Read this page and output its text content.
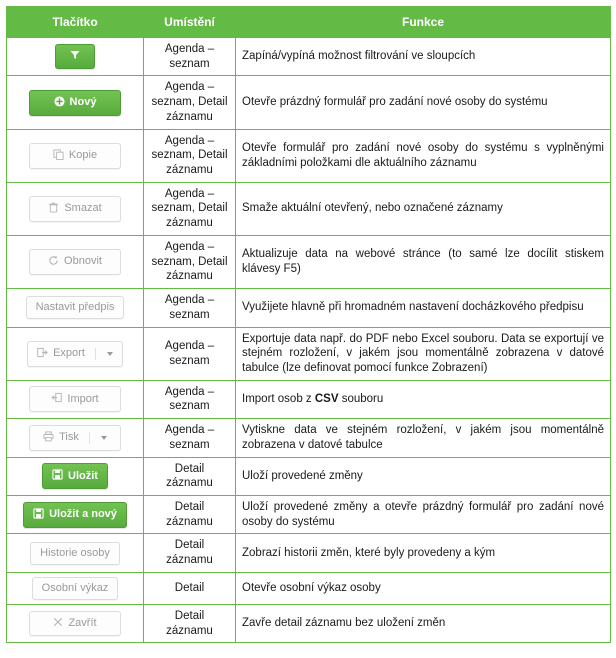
Tlačítko	Umístění	Funkce

	Agenda – seznam	Zapíná/vypíná možnost filtrování ve sloupcích

Nový	Agenda – seznam, Detail záznamu	Otevře prázdný formulář pro zadání nové osoby do systému

Kopie	Agenda – seznam, Detail záznamu	Otevře formulář pro zadání nové osoby do systému s vyplněnými základními položkami dle aktuálního záznamu

Smazat	Agenda – seznam, Detail záznamu	Smaže aktuální otevřený, nebo označené záznamy

Obnovit	Agenda – seznam, Detail záznamu	Aktualizuje data na webové stránce (to samé lze docílit stiskem klávesy F5)

Nastavit předpis	Agenda – seznam	Využijete hlavně při hromadném nastavení docházkového předpisu

Export	Agenda – seznam	Exportuje data např. do PDF nebo Excel souboru. Data se exportují ve stejném rozložení, v jakém jsou momentálně zobrazena v datové tabulce (lze definovat pomocí funkce Zobrazení)

Import	Agenda – seznam	Import osob z CSV souboru

Tisk	Agenda – seznam	Vytiskne data ve stejném rozložení, v jakém jsou momentálně zobrazena v datové tabulce

Uložit	Detail záznamu	Uloží provedené změny

Uložit a nový	Detail záznamu	Uloží provedené změny a otevře prázdný formulář pro zadání nové osoby do systému

Historie osoby	Detail záznamu	Zobrazí historii změn, které byly provedeny a kým

Osobní výkaz	Detail	Otevře osobní výkaz osoby

Zavřít	Detail záznamu	Zavře detail záznamu bez uložení změn
